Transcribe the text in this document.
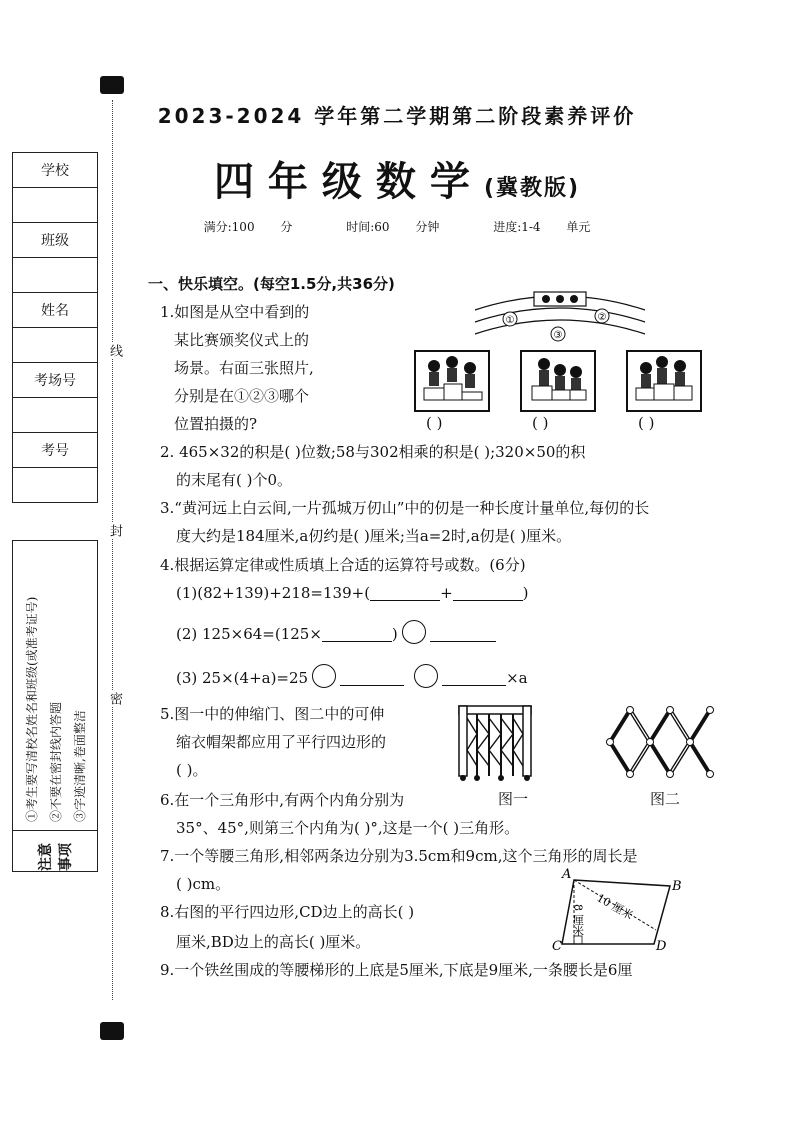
线
封
密
学校
班级
姓名
考场号
考号
注意事项
①考生要写清校名姓名和班级(或准考证号) ②不要在密封线内答题 ③字迹清晰,卷面整洁
2023-2024 学年第二学期第二阶段素养评价
四年级数学(冀教版)
满分:100 分	时间:60 分钟	进度:1-4 单元
一、快乐填空。(每空1.5分,共36分)
1.如图是从空中看到的
某比赛颁奖仪式上的
场景。右面三张照片,
分别是在①②③哪个
位置拍摄的?
①	②
③
( )	( )	( )
2. 465×32的积是( )位数;58与302相乘的积是( );320×50的积
的末尾有( )个0。
3.“黄河远上白云间,一片孤城万仞山”中的仞是一种长度计量单位,每仞的长
度大约是184厘米,a仞约是( )厘米;当a=2时,a仞是( )厘米。
4.根据运算定律或性质填上合适的运算符号或数。(6分)
(1)(82+139)+218=139+(	+	)
(2) 125×64=(125×	)
(3) 25×(4+a)=25	×a
5.图一中的伸缩门、图二中的可伸
缩衣帽架都应用了平行四边形的
( )。
图一	图二
6.在一个三角形中,有两个内角分别为
35°、45°,则第三个内角为( )°,这是一个( )三角形。
7.一个等腰三角形,相邻两条边分别为3.5cm和9cm,这个三角形的周长是
( )cm。
8.右图的平行四边形,CD边上的高长( )
厘米,BD边上的高长( )厘米。
A
B
C	D
10 厘米
8 厘米
9.一个铁丝围成的等腰梯形的上底是5厘米,下底是9厘米,一条腰长是6厘
